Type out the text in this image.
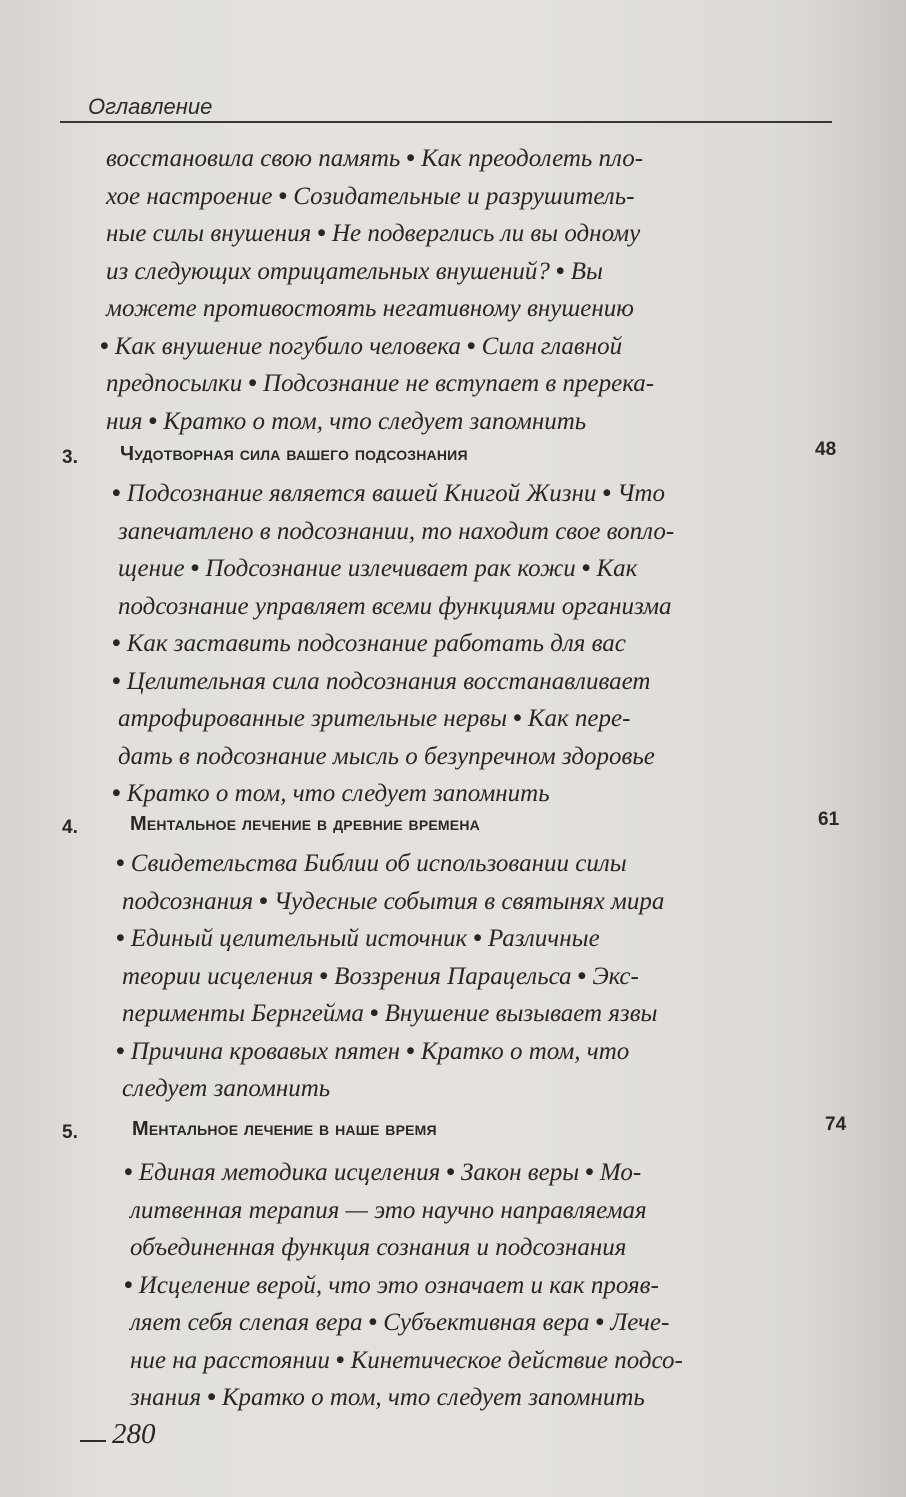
Оглавление

восстановила свою память • Как преодолеть пло-

хое настроение • Созидательные и разрушитель-

ные силы внушения • Не подверглись ли вы одному

из следующих отрицательных внушений? • Вы

можете противостоять негативному внушению

• Как внушение погубило человека • Сила главной

предпосылки • Подсознание не вступает в пререка-

ния • Кратко о том, что следует запомнить

3. Чудотворная сила вашего подсознания	48

• Подсознание является вашей Книгой Жизни • Что

запечатлено в подсознании, то находит свое вопло-

щение • Подсознание излечивает рак кожи • Как

подсознание управляет всеми функциями организма

• Как заставить подсознание работать для вас

• Целительная сила подсознания восстанавливает

атрофированные зрительные нервы • Как пере-

дать в подсознание мысль о безупречном здоровье

• Кратко о том, что следует запомнить

4.	Ментальное лечение в древние времена	61

• Свидетельства Библии об использовании силы

подсознания • Чудесные события в святынях мира

• Единый целительный источник • Различные

теории исцеления • Воззрения Парацельса • Экс-

перименты Бернгейма • Внушение вызывает язвы

• Причина кровавых пятен • Кратко о том, что

следует запомнить

5.	Ментальное лечение в наше время	74

• Единая методика исцеления • Закон веры • Мо-

литвенная терапия — это научно направляемая

объединенная функция сознания и подсознания

• Исцеление верой, что это означает и как прояв-

ляет себя слепая вера • Субъективная вера • Лече-

ние на расстоянии • Кинетическое действие подсо-

знания • Кратко о том, что следует запомнить

280
